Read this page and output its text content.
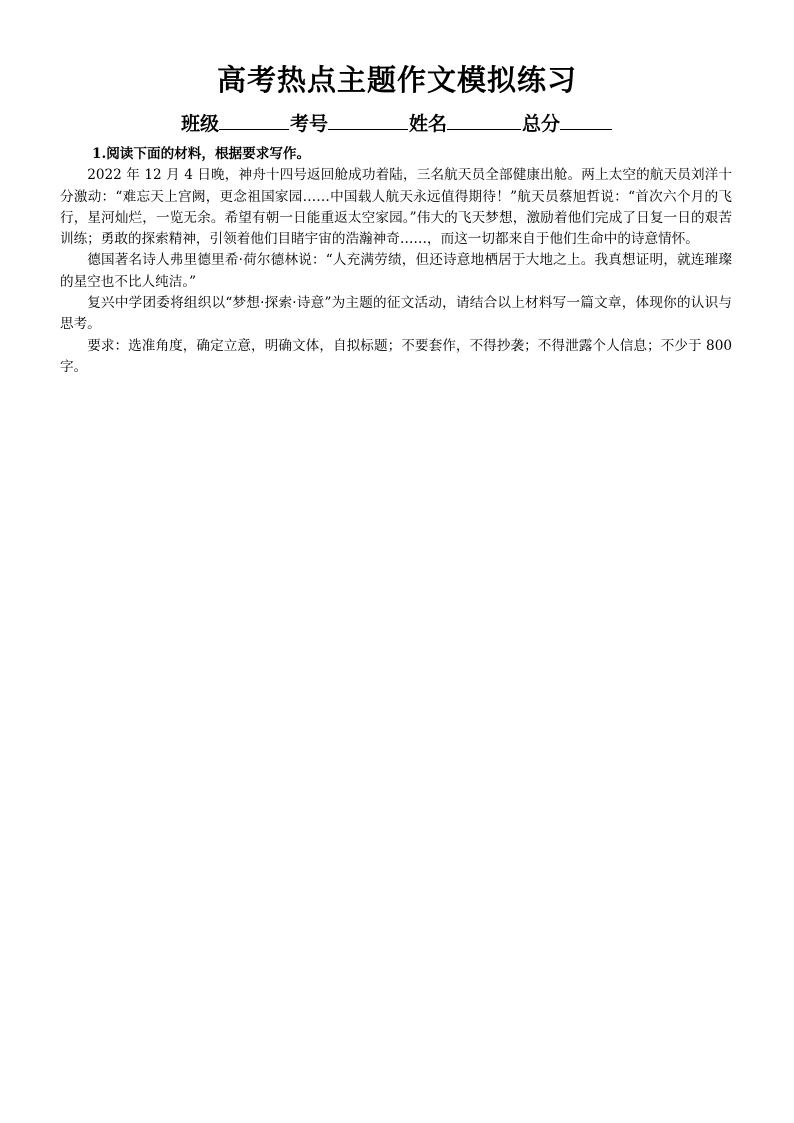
高考热点主题作文模拟练习
班级	考号	姓名	总分

1.阅读下面的材料，根据要求写作。

2022 年 12 月 4 日晚，神舟十四号返回舱成功着陆，三名航天员全部健康出舱。两上太空的航天员刘洋十分激动：“难忘天上宫阙，更念祖国家园……中国载人航天永远值得期待！”航天员蔡旭哲说：“首次六个月的飞行，星河灿烂，一览无余。希望有朝一日能重返太空家园。”伟大的飞天梦想，激励着他们完成了日复一日的艰苦训练；勇敢的探索精神，引领着他们目睹宇宙的浩瀚神奇……，而这一切都来自于他们生命中的诗意情怀。

德国著名诗人弗里德里希·荷尔德林说：“人充满劳绩，但还诗意地栖居于大地之上。我真想证明，就连璀璨的星空也不比人纯洁。”

复兴中学团委将组织以“梦想·探索·诗意”为主题的征文活动，请结合以上材料写一篇文章，体现你的认识与思考。

要求：选准角度，确定立意，明确文体，自拟标题；不要套作，不得抄袭；不得泄露个人信息；不少于 800 字。
